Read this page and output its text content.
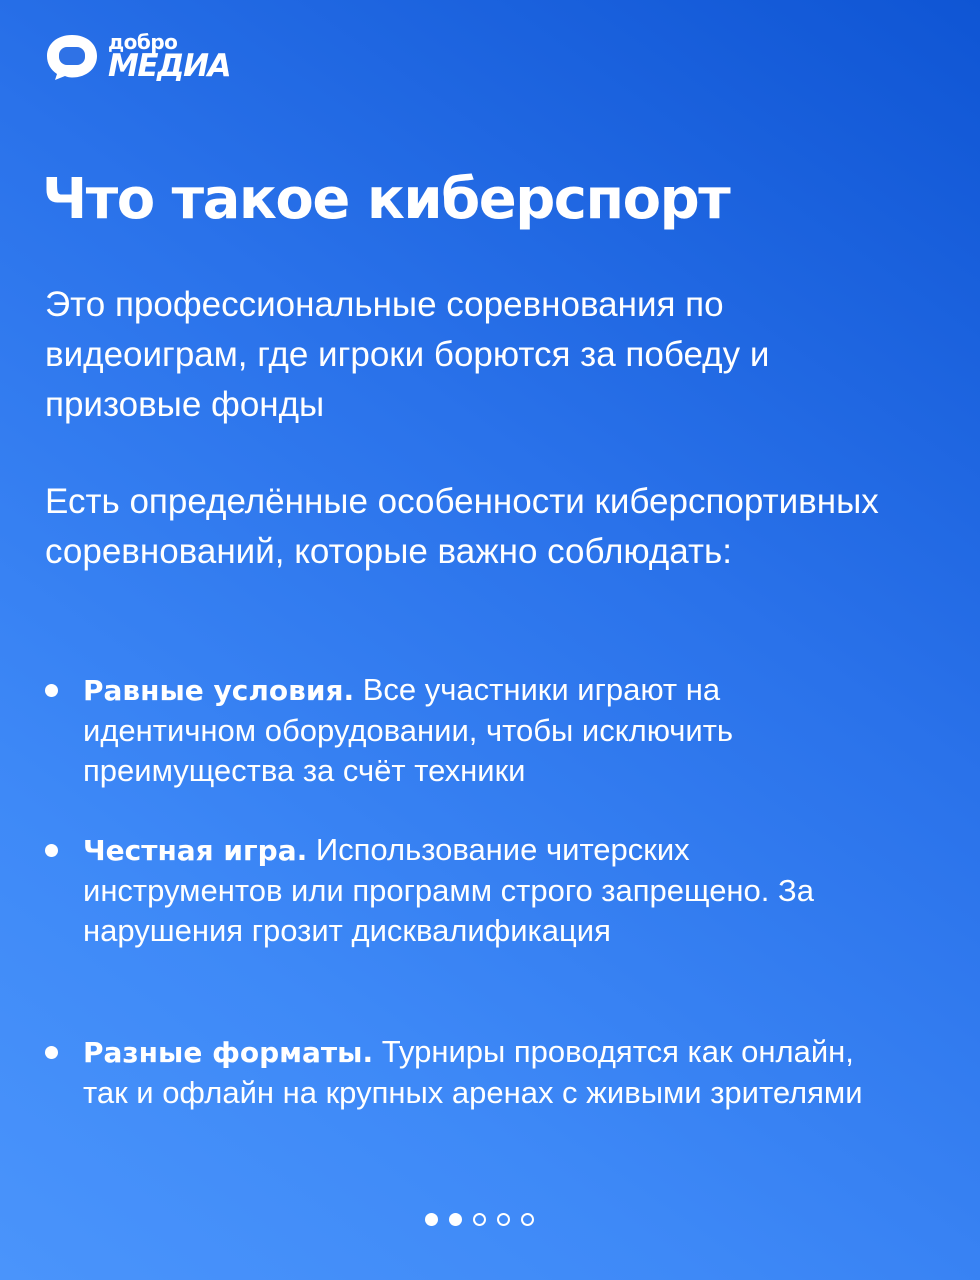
добро
МЕДИА
Что такое киберспорт

Это профессиональные соревнования по видеоиграм, где игроки борются за победу и призовые фонды

Есть определённые особенности киберспортивных соревнований, которые важно соблюдать:

Равные условия. Все участники играют на идентичном оборудовании, чтобы исключить преимущества за счёт техники
Честная игра. Использование читерских инструментов или программ строго запрещено. За нарушения грозит дисквалификация
Разные форматы. Турниры проводятся как онлайн, так и офлайн на крупных аренах с живыми зрителями
